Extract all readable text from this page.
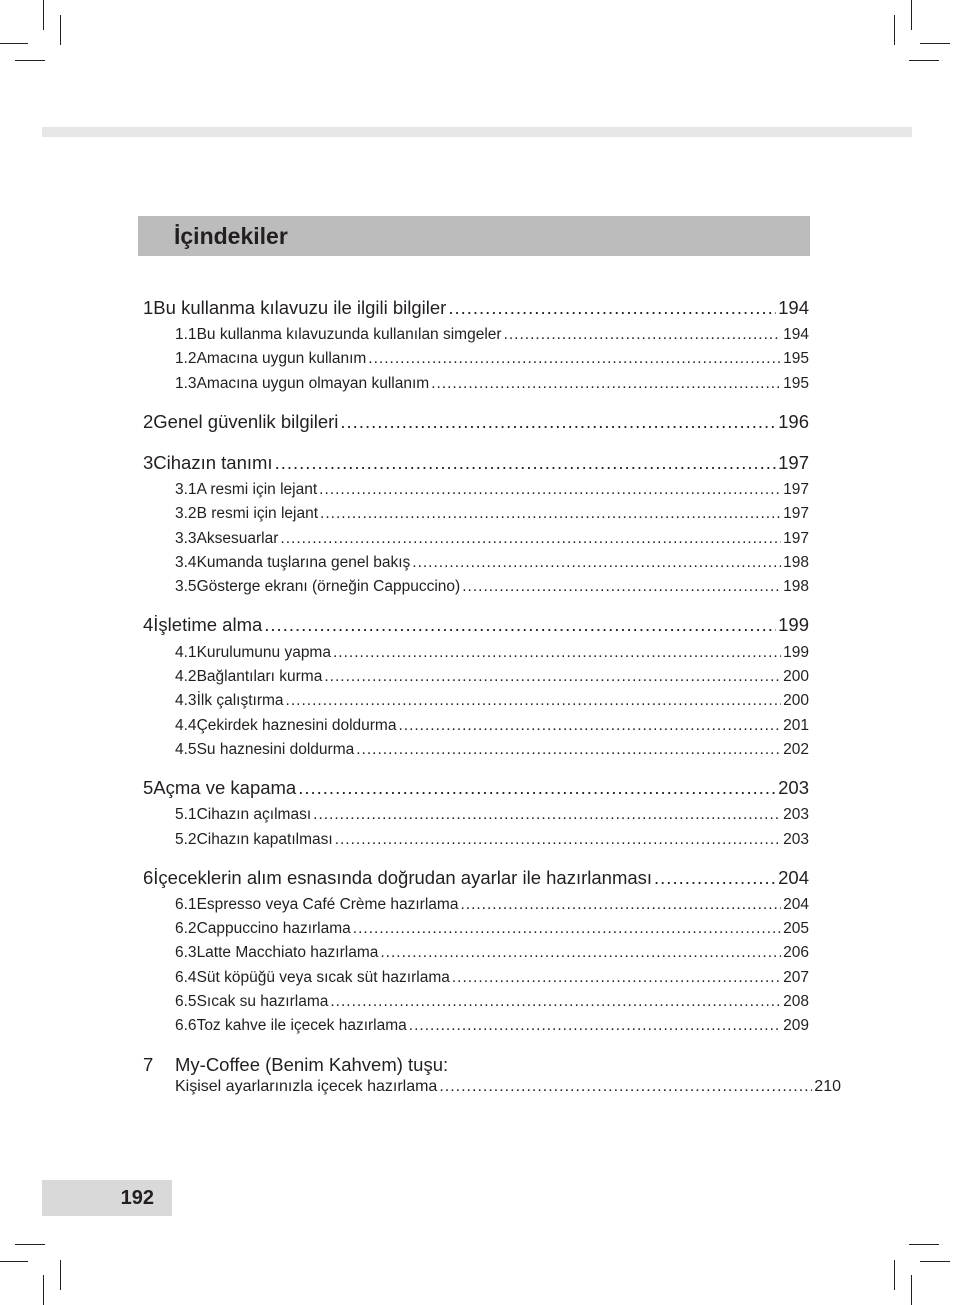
İçindekiler
1 Bu kullanma kılavuzu ile ilgili bilgiler .....	194
1.1 Bu kullanma kılavuzunda kullanılan simgeler .....	194
1.2 Amacına uygun kullanım .....	195
1.3 Amacına uygun olmayan kullanım .....	195
2 Genel güvenlik bilgileri .....	196
3 Cihazın tanımı .....	197
3.1 A resmi için lejant .....	197
3.2 B resmi için lejant .....	197
3.3 Aksesuarlar .....	197
3.4 Kumanda tuşlarına genel bakış .....	198
3.5 Gösterge ekranı (örneğin Cappuccino) .....	198
4 İşletime alma .....	199
4.1 Kurulumunu yapma .....	199
4.2 Bağlantıları kurma .....	200
4.3 İlk çalıştırma .....	200
4.4 Çekirdek haznesini doldurma .....	201
4.5 Su haznesini doldurma .....	202
5 Açma ve kapama .....	203
5.1 Cihazın açılması .....	203
5.2 Cihazın kapatılması .....	203
6 İçeceklerin alım esnasında doğrudan ayarlar ile hazırlanması .....	204
6.1 Espresso veya Café Crème hazırlama .....	204
6.2 Cappuccino hazırlama .....	205
6.3 Latte Macchiato hazırlama .....	206
6.4 Süt köpüğü veya sıcak süt hazırlama .....	207
6.5 Sıcak su hazırlama .....	208
6.6 Toz kahve ile içecek hazırlama .....	209
7	My-Coffee (Benim Kahvem) tuşu:
Kişisel ayarlarınızla içecek hazırlama .....	210
192
